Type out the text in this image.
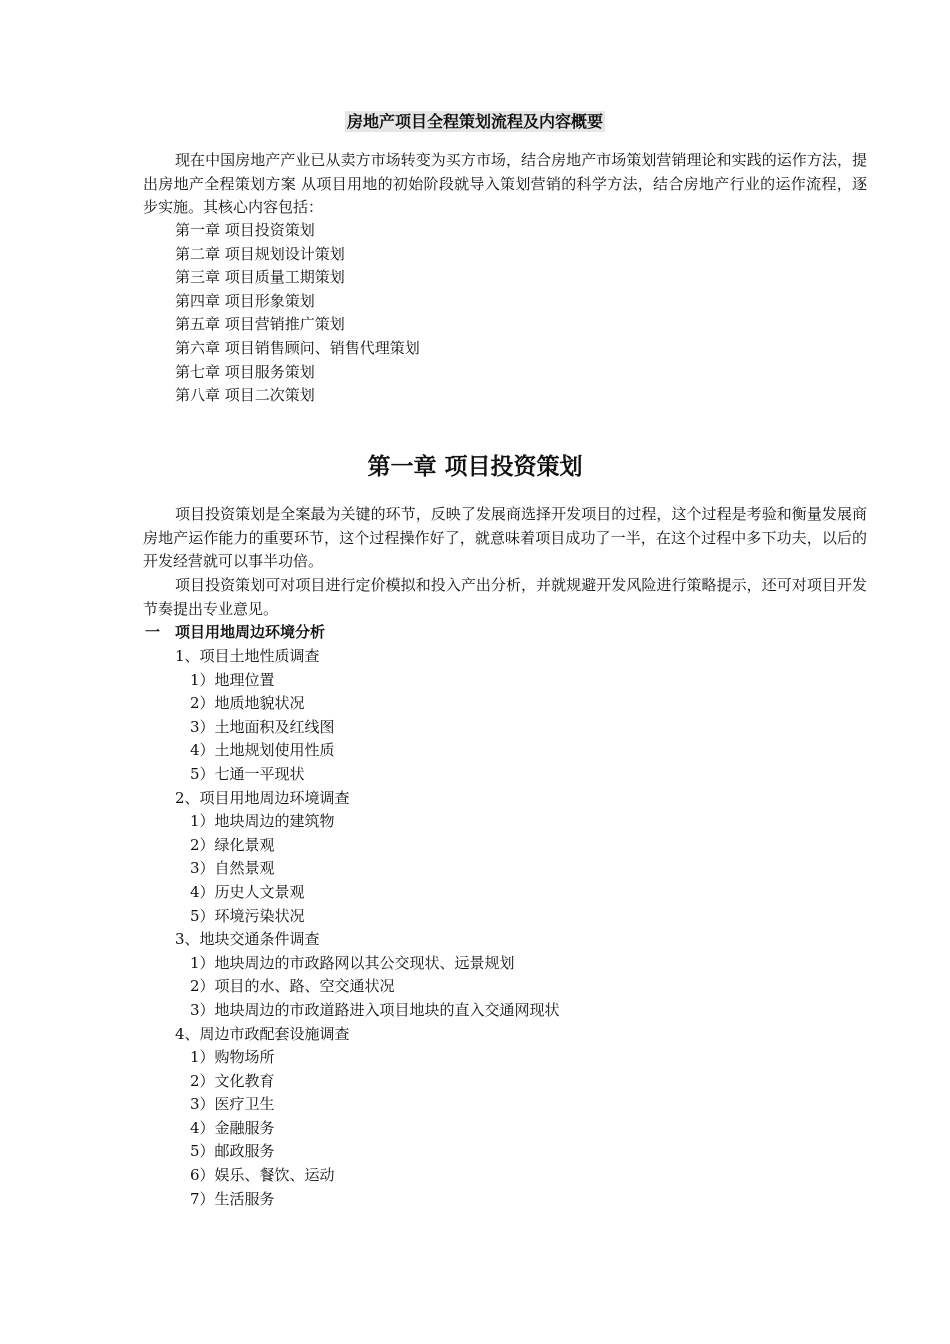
房地产项目全程策划流程及内容概要
现在中国房地产产业已从卖方市场转变为买方市场，结合房地产市场策划营销理论和实践的运作方法，提出房地产全程策划方案 从项目用地的初始阶段就导入策划营销的科学方法，结合房地产行业的运作流程，逐步实施。其核心内容包括：
第一章 项目投资策划
第二章 项目规划设计策划
第三章 项目质量工期策划
第四章 项目形象策划
第五章 项目营销推广策划
第六章 项目销售顾问、销售代理策划
第七章 项目服务策划
第八章 项目二次策划
第一章 项目投资策划
项目投资策划是全案最为关键的环节，反映了发展商选择开发项目的过程，这个过程是考验和衡量发展商房地产运作能力的重要环节，这个过程操作好了，就意味着项目成功了一半，在这个过程中多下功夫，以后的开发经营就可以事半功倍。
项目投资策划可对项目进行定价模拟和投入产出分析，并就规避开发风险进行策略提示，还可对项目开发节奏提出专业意见。
一 项目用地周边环境分析
1、项目土地性质调查
1）地理位置
2）地质地貌状况
3）土地面积及红线图
4）土地规划使用性质
5）七通一平现状
2、项目用地周边环境调查
1）地块周边的建筑物
2）绿化景观
3）自然景观
4）历史人文景观
5）环境污染状况
3、地块交通条件调查
1）地块周边的市政路网以其公交现状、远景规划
2）项目的水、路、空交通状况
3）地块周边的市政道路进入项目地块的直入交通网现状
4、周边市政配套设施调查
1）购物场所
2）文化教育
3）医疗卫生
4）金融服务
5）邮政服务
6）娱乐、餐饮、运动
7）生活服务
